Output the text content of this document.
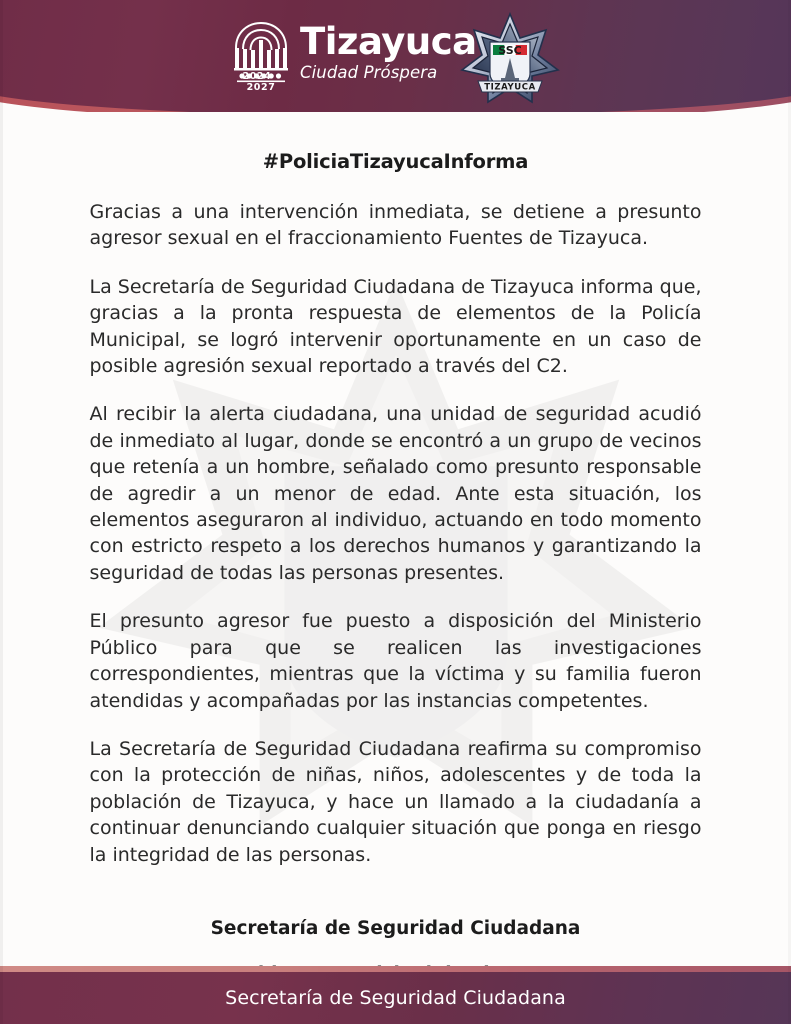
2024 · 2027
Tizayuca
Ciudad Próspera
SSC
TIZAYUCA
#PoliciaTizayucaInforma

Gracias a una intervención inmediata, se detiene a presunto agresor sexual en el fraccionamiento Fuentes de Tizayuca.

La Secretaría de Seguridad Ciudadana de Tizayuca informa que, gracias a la pronta respuesta de elementos de la Policía Municipal, se logró intervenir oportunamente en un caso de posible agresión sexual reportado a través del C2.

Al recibir la alerta ciudadana, una unidad de seguridad acudió de inmediato al lugar, donde se encontró a un grupo de vecinos que retenía a un hombre, señalado como presunto responsable de agredir a un menor de edad. Ante esta situación, los elementos aseguraron al individuo, actuando en todo momento con estricto respeto a los derechos humanos y garantizando la seguridad de todas las personas presentes.

El presunto agresor fue puesto a disposición del Ministerio Público para que se realicen las investigaciones correspondientes, mientras que la víctima y su familia fueron atendidas y acompañadas por las instancias competentes.

La Secretaría de Seguridad Ciudadana reafirma su compromiso con la protección de niñas, niños, adolescentes y de toda la población de Tizayuca, y hace un llamado a la ciudadanía a continuar denunciando cualquier situación que ponga en riesgo la integridad de las personas.

Secretaría de Seguridad Ciudadana
Secretaría de Seguridad Ciudadana
